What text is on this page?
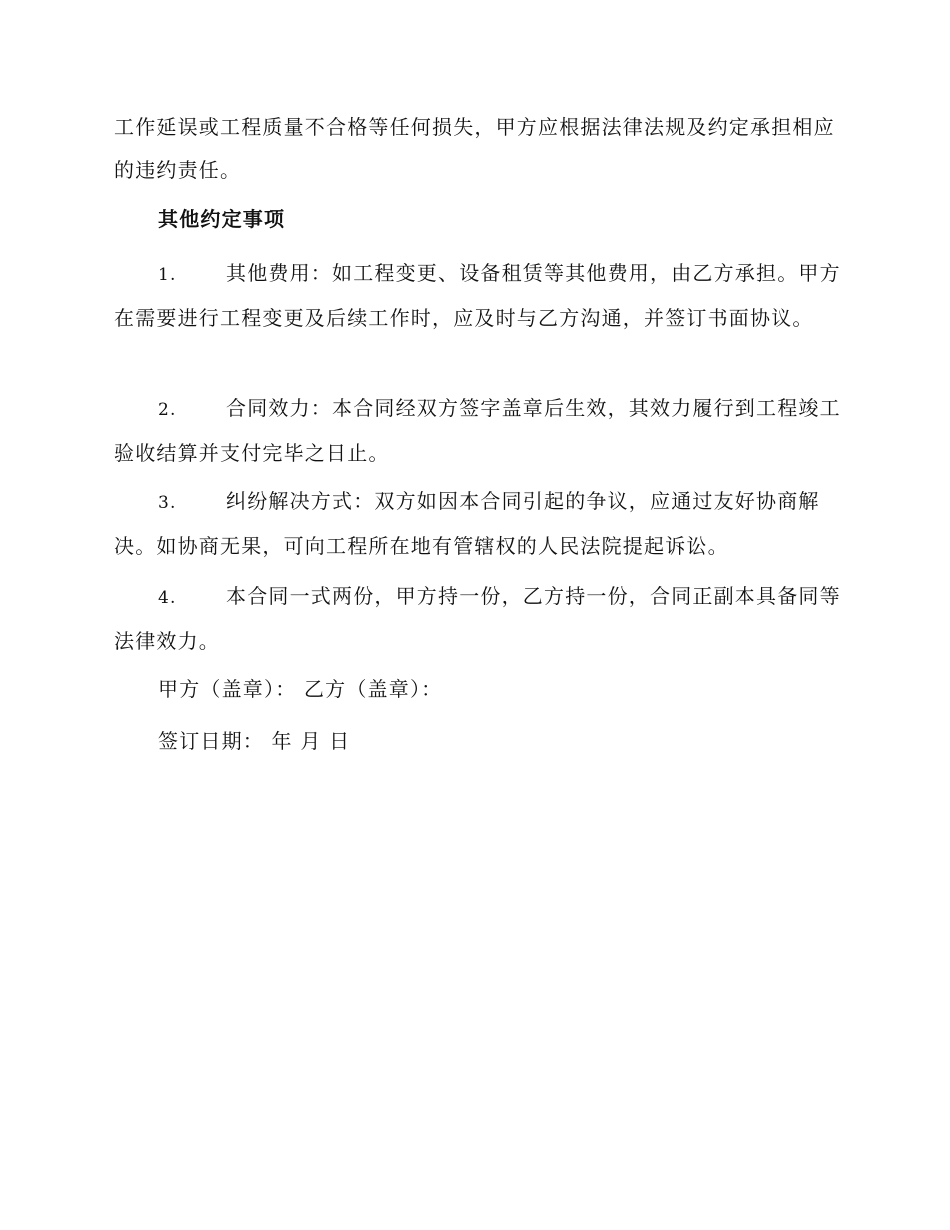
工作延误或工程质量不合格等任何损失，甲方应根据法律法规及约定承担相应的违约责任。

其他约定事项

1. 其他费用：如工程变更、设备租赁等其他费用，由乙方承担。甲方在需要进行工程变更及后续工作时，应及时与乙方沟通，并签订书面协议。

2. 合同效力：本合同经双方签字盖章后生效，其效力履行到工程竣工验收结算并支付完毕之日止。

3. 纠纷解决方式：双方如因本合同引起的争议，应通过友好协商解决。如协商无果，可向工程所在地有管辖权的人民法院提起诉讼。

4. 本合同一式两份，甲方持一份，乙方持一份，合同正副本具备同等法律效力。

甲方（盖章）： 乙方（盖章）：

签订日期： 年 月 日
